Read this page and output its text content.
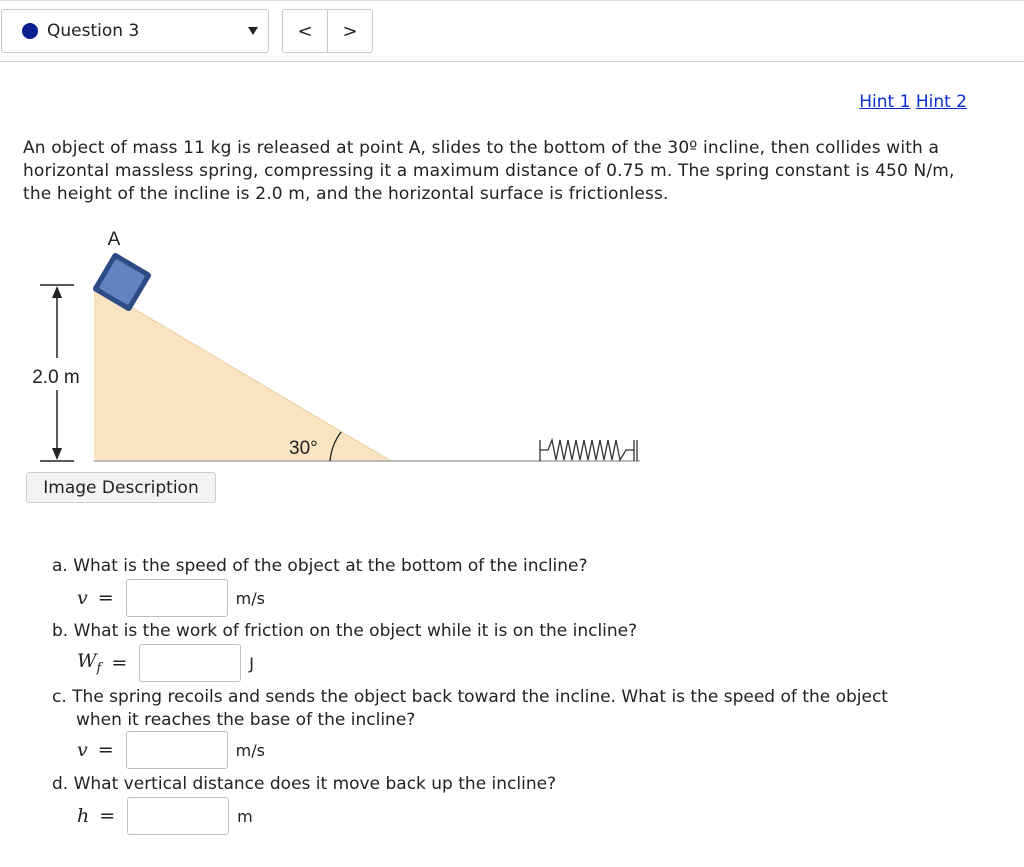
Question 3	<	>
Hint 1 Hint 2
An object of mass 11 kg is released at point A, slides to the bottom of the 30º incline, then collides with a
horizontal massless spring, compressing it a maximum distance of 0.75 m. The spring constant is 450 N/m,
the height of the incline is 2.0 m, and the horizontal surface is frictionless.
A
2.0 m
30°
Image Description
a. What is the speed of the object at the bottom of the incline?
v =	m/s
b. What is the work of friction on the object while it is on the incline?
$W_f$ =	J
c. The spring recoils and sends the object back toward the incline. What is the speed of the object
when it reaches the base of the incline?
v =	m/s
d. What vertical distance does it move back up the incline?
h =	m
